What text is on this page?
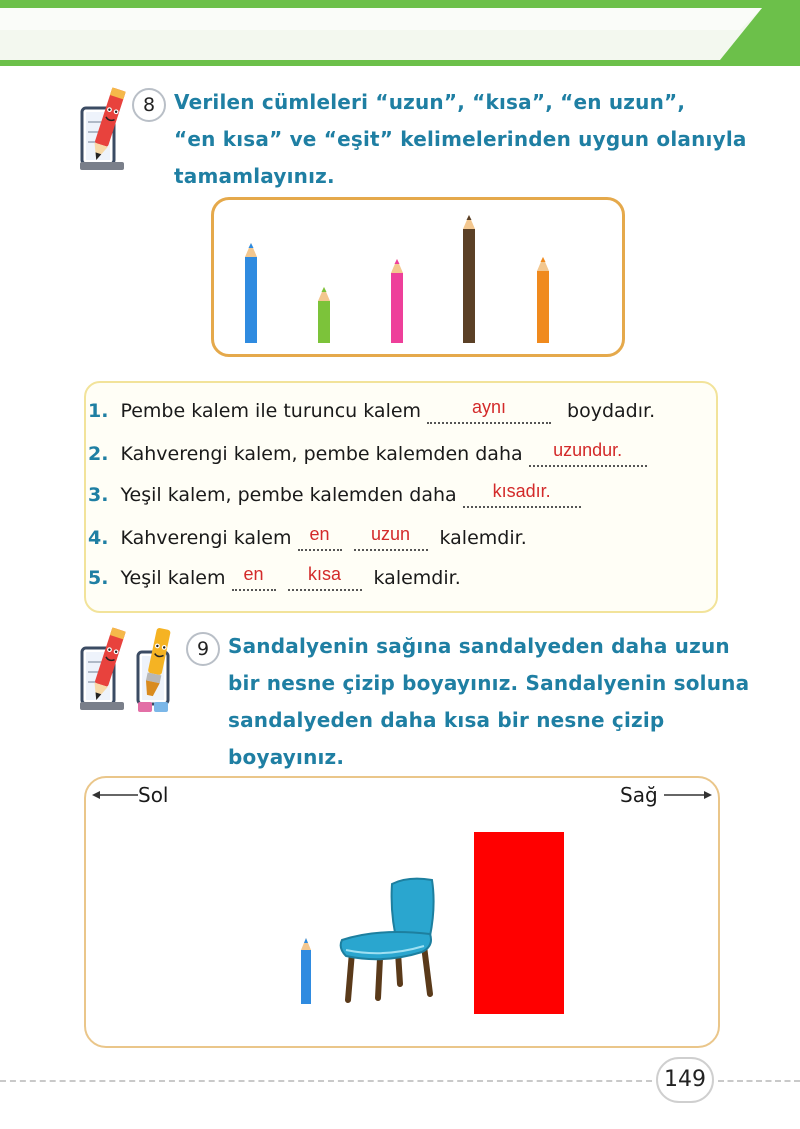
8 Verilen cümleleri “uzun”, “kısa”, “en uzun”,
“en kısa” ve “eşit” kelimelerinden uygun olanıyla
tamamlayınız.
1. Pembe kalem ile turuncu kalem	aynı	boydadır.
2. Kahverengi kalem, pembe kalemden daha uzundur.
3. Yeşil kalem, pembe kalemden daha kısadır.
4. Kahverengi kalem en uzun kalemdir.
5. Yeşil kalem en kısa kalemdir.
9 Sandalyenin sağına sandalyeden daha uzun
bir nesne çizip boyayınız. Sandalyenin soluna
sandalyeden daha kısa bir nesne çizip
boyayınız.
Sol	Sağ
149
